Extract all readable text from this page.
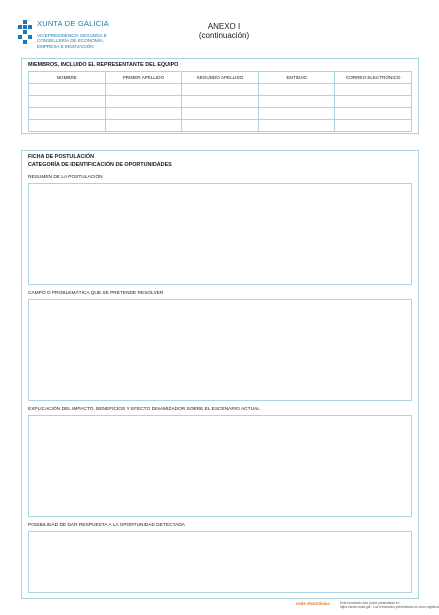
XUNTA DE GALICIA
VICEPRESIDENCIA SEGUNDA E
CONSELLERÍA DE ECONOMÍA,
EMPRESA E INNOVACIÓN
ANEXO I
(continuación)
MIEMBROS, INCLUIDO EL REPRESENTANTE DEL EQUIPO
NOMBRE	PRIMER APELLIDO	SEGUNDO APELLIDO	ENTIDAD	CORREO ELECTRÓNICO

FICHA DE POSTULACIÓN
CATEGORÍA DE IDENTIFICACIÓN DE OPORTUNIDADES
RESUMEN DE LA POSTULACIÓN
CAMPO O PROBLEMÁTICA QUE SE PRETENDE RESOLVER
EXPLICACIÓN DEL IMPACTO, BENEFICIOS Y EFECTO DINAMIZADOR SOBRE EL ESCENARIO ACTUAL
POSIBILIDAD DE DAR RESPUESTA A LA OPORTUNIDAD DETECTADA
sede electrónica	Este formulario sólo podrá presentarse en
https://sede.xunta.gal · Los formularios presentados en otros registros
